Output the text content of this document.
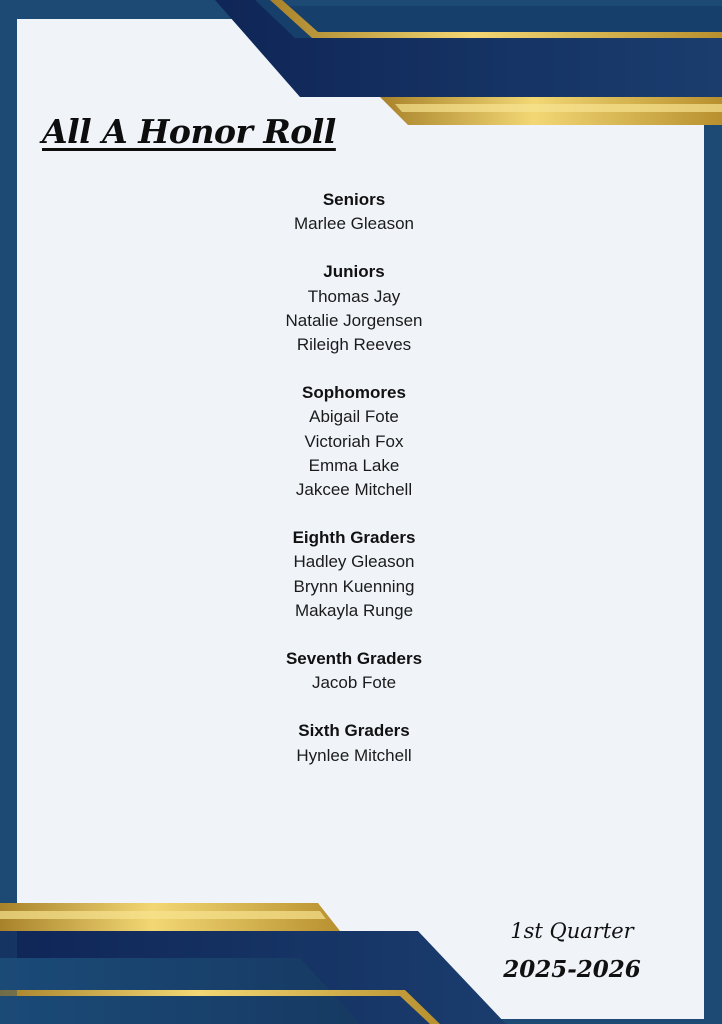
All A Honor Roll
Seniors
Marlee Gleason
Juniors
Thomas Jay
Natalie Jorgensen
Rileigh Reeves
Sophomores
Abigail Fote
Victoriah Fox
Emma Lake
Jakcee Mitchell
Eighth Graders
Hadley Gleason
Brynn Kuenning
Makayla Runge
Seventh Graders
Jacob Fote
Sixth Graders
Hynlee Mitchell
1st Quarter
2025-2026
